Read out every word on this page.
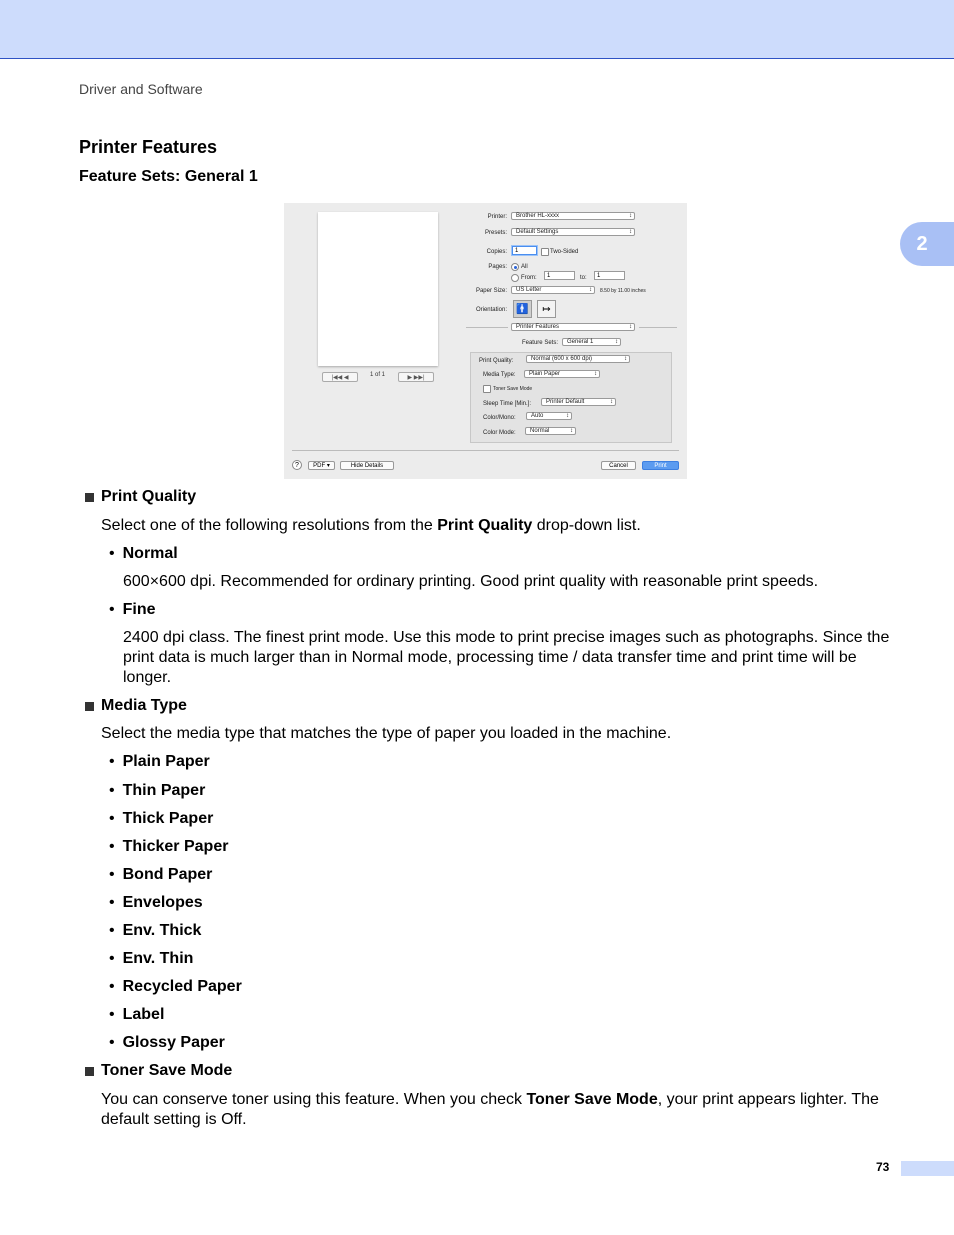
Driver and Software
2
Printer Features
Feature Sets: General 1
|◀◀ ◀	1 of 1	▶ ▶▶|
Printer:	Brother HL-xxxx ↕
Presets:	Default Settings ↕
Copies:	1	Two-Sided
Pages: All
From:	1	to:	1
Paper Size:	US Letter ↕	8.50 by 11.00 inches
Orientation: 🚹	↦
Printer Features ↕
Feature Sets:	General 1 ↕
Print Quality:	Normal (600 x 600 dpi) ↕
Media Type:	Plain Paper ↕
Toner Save Mode
Sleep Time [Min.]:	Printer Default ↕
Color/Mono:	Auto ↕
Color Mode:	Normal ↕
?	PDF ▾	Hide Details	Cancel	Print
Print Quality
Select one of the following resolutions from the Print Quality drop-down list.
• Normal
600×600 dpi. Recommended for ordinary printing. Good print quality with reasonable print speeds.
• Fine
2400 dpi class. The finest print mode. Use this mode to print precise images such as photographs. Since the print data is much larger than in Normal mode, processing time / data transfer time and print time will be longer.
Media Type
Select the media type that matches the type of paper you loaded in the machine.
• Plain Paper
• Thin Paper
• Thick Paper
• Thicker Paper
• Bond Paper
• Envelopes
• Env. Thick
• Env. Thin
• Recycled Paper
• Label
• Glossy Paper
Toner Save Mode
You can conserve toner using this feature. When you check Toner Save Mode, your print appears lighter. The default setting is Off.
73
